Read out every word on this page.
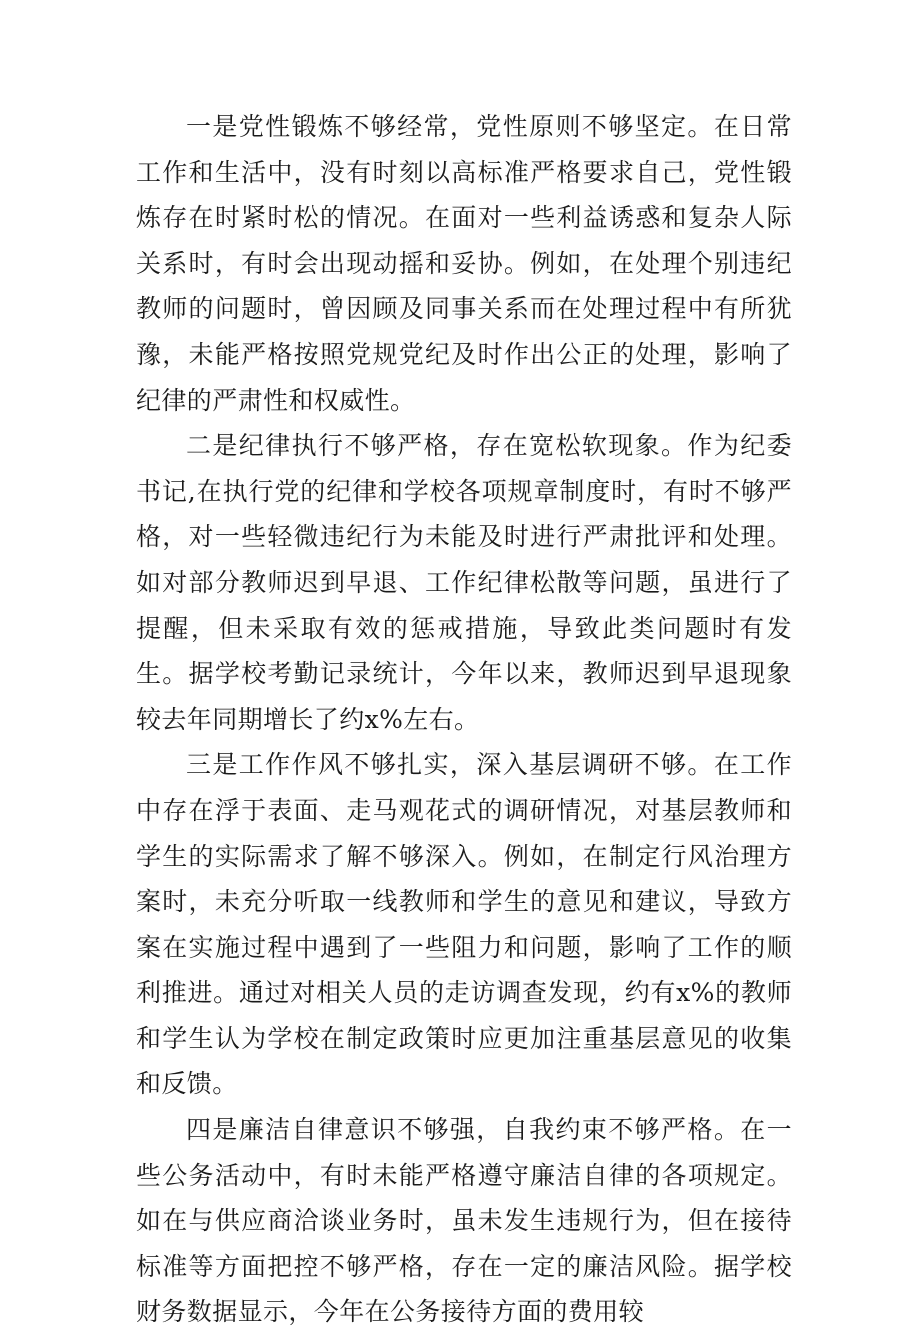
一是党性锻炼不够经常，党性原则不够坚定。在日常工作和生活中，没有时刻以高标准严格要求自己，党性锻炼存在时紧时松的情况。在面对一些利益诱惑和复杂人际关系时，有时会出现动摇和妥协。例如，在处理个别违纪教师的问题时，曾因顾及同事关系而在处理过程中有所犹豫，未能严格按照党规党纪及时作出公正的处理，影响了纪律的严肃性和权威性。

二是纪律执行不够严格，存在宽松软现象。作为纪委书记,在执行党的纪律和学校各项规章制度时，有时不够严格，对一些轻微违纪行为未能及时进行严肃批评和处理。如对部分教师迟到早退、工作纪律松散等问题，虽进行了提醒，但未采取有效的惩戒措施，导致此类问题时有发生。据学校考勤记录统计，今年以来，教师迟到早退现象较去年同期增长了约x%左右。

三是工作作风不够扎实，深入基层调研不够。在工作中存在浮于表面、走马观花式的调研情况，对基层教师和学生的实际需求了解不够深入。例如，在制定行风治理方案时，未充分听取一线教师和学生的意见和建议，导致方案在实施过程中遇到了一些阻力和问题，影响了工作的顺利推进。通过对相关人员的走访调查发现，约有x%的教师和学生认为学校在制定政策时应更加注重基层意见的收集和反馈。

四是廉洁自律意识不够强，自我约束不够严格。在一些公务活动中，有时未能严格遵守廉洁自律的各项规定。如在与供应商洽谈业务时，虽未发生违规行为，但在接待标准等方面把控不够严格，存在一定的廉洁风险。据学校财务数据显示，今年在公务接待方面的费用较
